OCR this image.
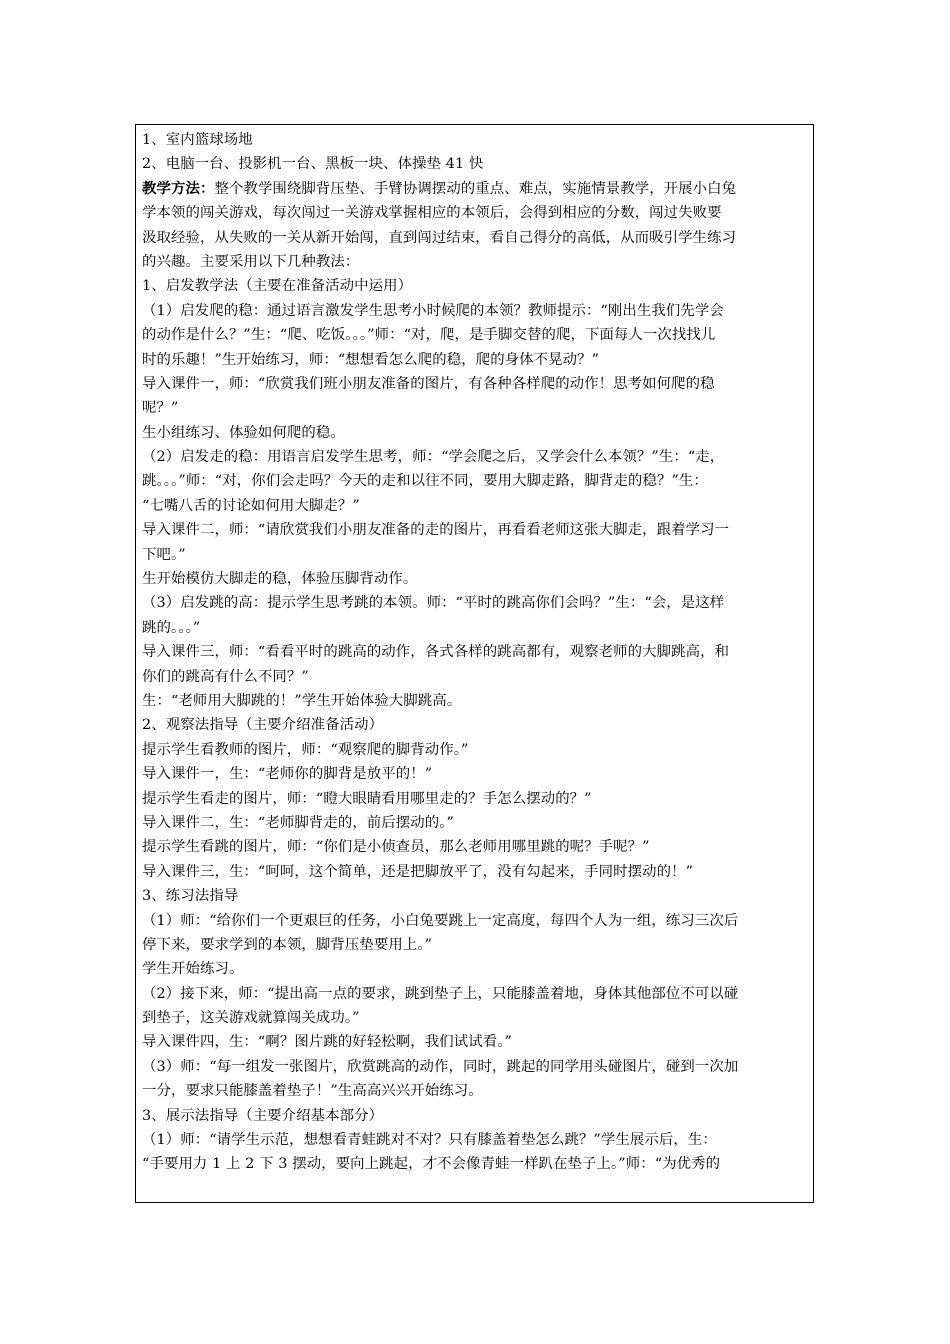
1、室内篮球场地
2、电脑一台、投影机一台、黑板一块、体操垫 41 快
教学方法：整个教学围绕脚背压垫、手臂协调摆动的重点、难点，实施情景教学，开展小白兔
学本领的闯关游戏，每次闯过一关游戏掌握相应的本领后，会得到相应的分数，闯过失败要
汲取经验，从失败的一关从新开始闯，直到闯过结束，看自己得分的高低，从而吸引学生练习
的兴趣。主要采用以下几种教法：
1、启发教学法（主要在准备活动中运用）
（1）启发爬的稳：通过语言激发学生思考小时候爬的本领？教师提示：“刚出生我们先学会
的动作是什么？”生：“爬、吃饭。。。”师：“对，爬，是手脚交替的爬，下面每人一次找找儿
时的乐趣！”生开始练习，师：“想想看怎么爬的稳，爬的身体不晃动？”
导入课件一，师：“欣赏我们班小朋友准备的图片，有各种各样爬的动作！思考如何爬的稳
呢？”
生小组练习、体验如何爬的稳。
（2）启发走的稳：用语言启发学生思考，师：“学会爬之后，又学会什么本领？”生：“走，
跳。。。”师：“对，你们会走吗？今天的走和以往不同，要用大脚走路，脚背走的稳？”生：
“七嘴八舌的讨论如何用大脚走？”
导入课件二，师：“请欣赏我们小朋友准备的走的图片，再看看老师这张大脚走，跟着学习一
下吧。”
生开始模仿大脚走的稳，体验压脚背动作。
（3）启发跳的高：提示学生思考跳的本领。师：“平时的跳高你们会吗？”生：“会，是这样
跳的。。。”
导入课件三，师：“看看平时的跳高的动作，各式各样的跳高都有，观察老师的大脚跳高，和
你们的跳高有什么不同？”
生：“老师用大脚跳的！”学生开始体验大脚跳高。
2、观察法指导（主要介绍准备活动）
提示学生看教师的图片，师：“观察爬的脚背动作。”
导入课件一，生：“老师你的脚背是放平的！”
提示学生看走的图片，师：“瞪大眼睛看用哪里走的？手怎么摆动的？”
导入课件二，生：“老师脚背走的，前后摆动的。”
提示学生看跳的图片，师：“你们是小侦查员，那么老师用哪里跳的呢？手呢？”
导入课件三，生：“呵呵，这个简单，还是把脚放平了，没有勾起来，手同时摆动的！”
3、练习法指导
（1）师：“给你们一个更艰巨的任务，小白兔要跳上一定高度，每四个人为一组，练习三次后
停下来，要求学到的本领，脚背压垫要用上。”
学生开始练习。
（2）接下来，师：“提出高一点的要求，跳到垫子上，只能膝盖着地，身体其他部位不可以碰
到垫子，这关游戏就算闯关成功。”
导入课件四，生：“啊？图片跳的好轻松啊，我们试试看。”
（3）师：“每一组发一张图片，欣赏跳高的动作，同时，跳起的同学用头碰图片，碰到一次加
一分，要求只能膝盖着垫子！”生高高兴兴开始练习。
3、展示法指导（主要介绍基本部分）
（1）师：“请学生示范，想想看青蛙跳对不对？只有膝盖着垫怎么跳？”学生展示后，生：
“手要用力 1 上 2 下 3 摆动，要向上跳起，才不会像青蛙一样趴在垫子上。”师：“为优秀的
